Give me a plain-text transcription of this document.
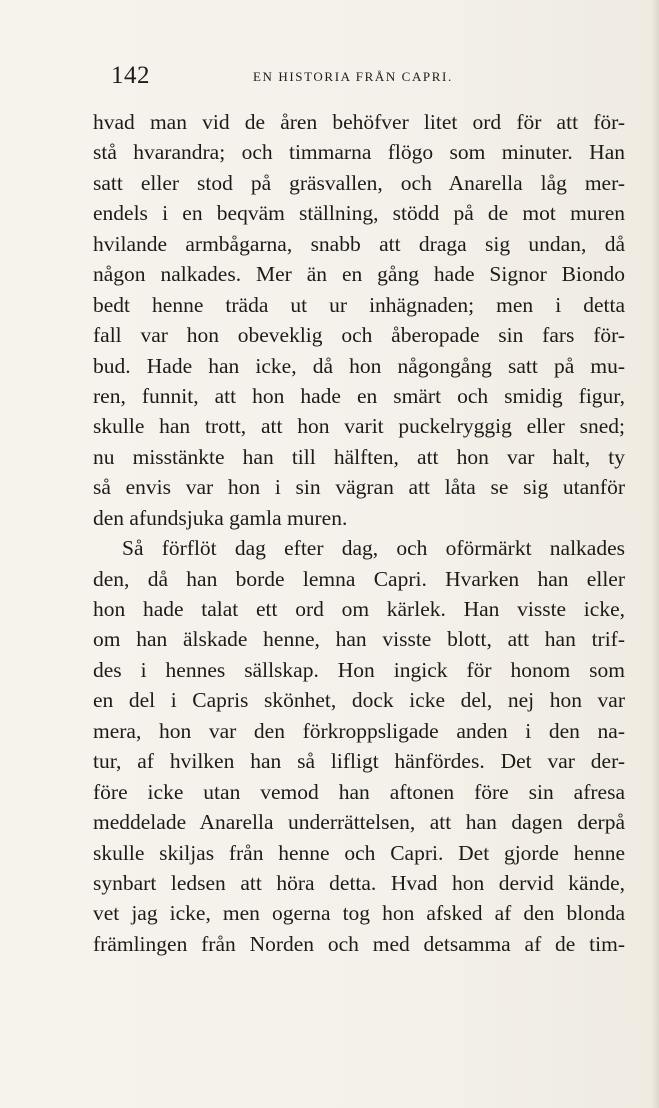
142	EN HISTORIA FRÅN CAPRI.
hvad man vid de åren behöfver litet ord för att för-
stå hvarandra; och timmarna flögo som minuter. Han
satt eller stod på gräsvallen, och Anarella låg mer-
endels i en beqväm ställning, stödd på de mot muren
hvilande armbågarna, snabb att draga sig undan, då
någon nalkades. Mer än en gång hade Signor Biondo
bedt henne träda ut ur inhägnaden; men i detta
fall var hon obeveklig och åberopade sin fars för-
bud. Hade han icke, då hon någongång satt på mu-
ren, funnit, att hon hade en smärt och smidig figur,
skulle han trott, att hon varit puckelryggig eller sned;
nu misstänkte han till hälften, att hon var halt, ty
så envis var hon i sin vägran att låta se sig utanför
den afundsjuka gamla muren.
Så förflöt dag efter dag, och oförmärkt nalkades
den, då han borde lemna Capri. Hvarken han eller
hon hade talat ett ord om kärlek. Han visste icke,
om han älskade henne, han visste blott, att han trif-
des i hennes sällskap. Hon ingick för honom som
en del i Capris skönhet, dock icke del, nej hon var
mera, hon var den förkroppsligade anden i den na-
tur, af hvilken han så lifligt hänfördes. Det var der-
före icke utan vemod han aftonen före sin afresa
meddelade Anarella underrättelsen, att han dagen derpå
skulle skiljas från henne och Capri. Det gjorde henne
synbart ledsen att höra detta. Hvad hon dervid kände,
vet jag icke, men ogerna tog hon afsked af den blonda
främlingen från Norden och med detsamma af de tim-
